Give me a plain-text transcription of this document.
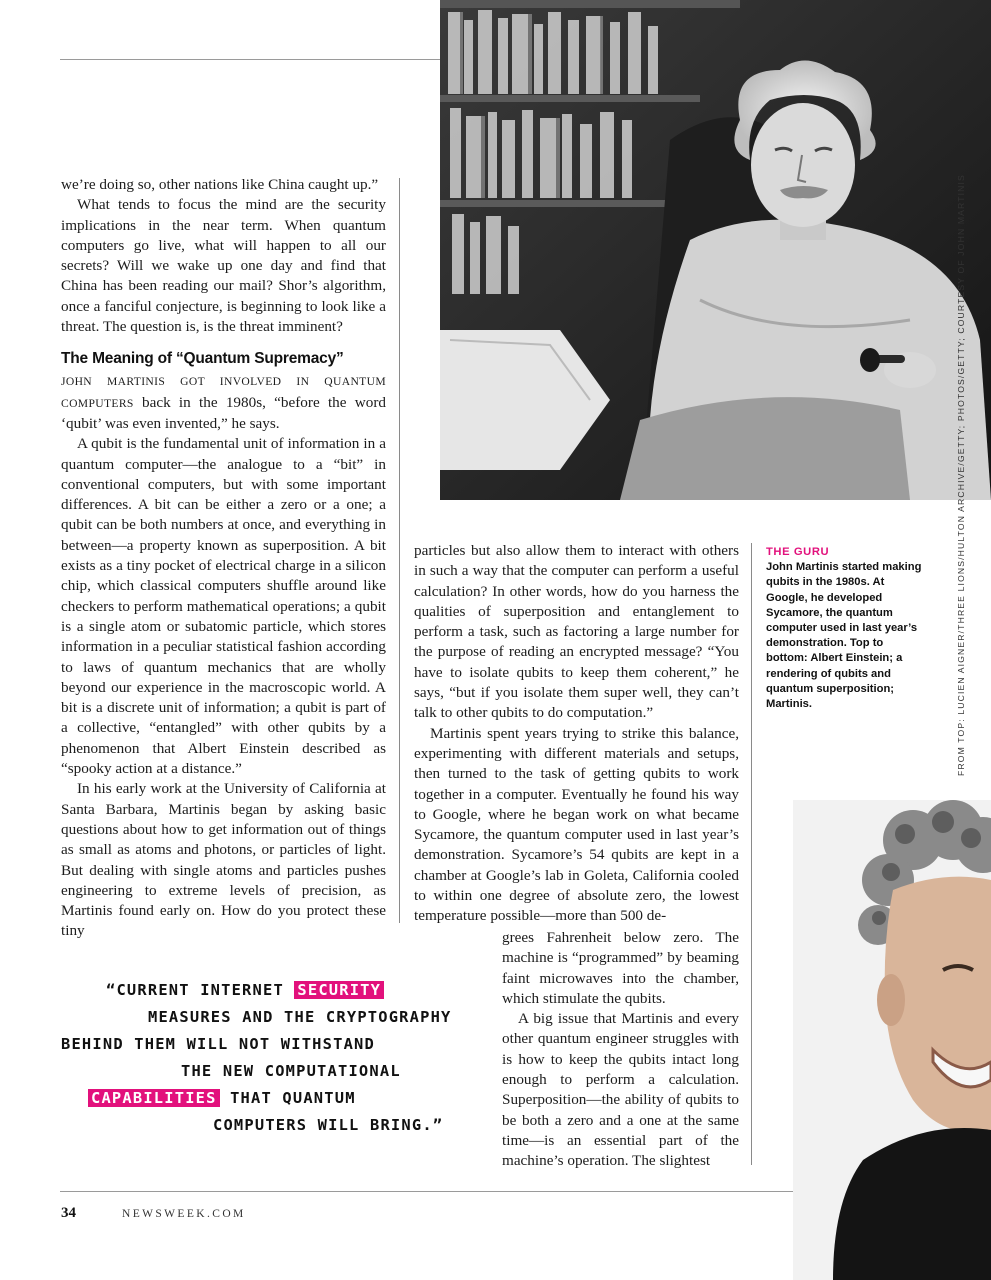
we’re doing so, other nations like China caught up.”

What tends to focus the mind are the security implications in the near term. When quantum computers go live, what will happen to all our secrets? Will we wake up one day and find that China has been reading our mail? Shor’s algorithm, once a fanciful conjecture, is beginning to look like a threat. The question is, is the threat imminent?

The Meaning of “Quantum Supremacy”

JOHN MARTINIS GOT INVOLVED IN QUANTUM COMPUTERS back in the 1980s, “before the word ‘qubit’ was even invented,” he says.

A qubit is the fundamental unit of information in a quantum computer—the analogue to a “bit” in conventional computers, but with some important differences. A bit can be either a zero or a one; a qubit can be both numbers at once, and everything in between—a property known as superposition. A bit exists as a tiny pocket of electrical charge in a silicon chip, which classical computers shuffle around like checkers to perform mathematical operations; a qubit is a single atom or subatomic particle, which stores information in a peculiar statistical fashion according to laws of quantum mechanics that are wholly beyond our experience in the macroscopic world. A bit is a discrete unit of information; a qubit is part of a collective, “entangled” with other qubits by a phenomenon that Albert Einstein described as “spooky action at a distance.”

In his early work at the University of California at Santa Barbara, Martinis began by asking basic questions about how to get information out of things as small as atoms and photons, or particles of light. But dealing with single atoms and particles pushes engineering to extreme levels of precision, as Martinis found early on. How do you protect these tiny

particles but also allow them to interact with others in such a way that the computer can perform a useful calculation? In other words, how do you harness the qualities of superposition and entanglement to perform a task, such as factoring a large number for the purpose of reading an encrypted message? “You have to isolate qubits to keep them coherent,” he says, “but if you isolate them super well, they can’t talk to other qubits to do computation.”

Martinis spent years trying to strike this balance, experimenting with different materials and setups, then turned to the task of getting qubits to work together in a computer. Eventually he found his way to Google, where he began work on what became Sycamore, the quantum computer used in last year’s demonstration. Sycamore’s 54 qubits are kept in a chamber at Google’s lab in Goleta, California cooled to within one degree of absolute zero, the lowest temperature possible—more than 500 de-

grees Fahrenheit below zero. The machine is “programmed” by beaming faint microwaves into the chamber, which stimulate the qubits.

A big issue that Martinis and every other quantum engineer struggles with is how to keep the qubits intact long enough to perform a calculation. Superposition—the ability of qubits to be both a zero and a one at the same time—is an essential part of the machine’s operation. The slightest

THE GURU
John Martinis started making qubits in the 1980s. At Google, he developed Sycamore, the quantum computer used in last year’s demonstration. Top to bottom: Albert Einstein; a rendering of qubits and quantum superposition; Martinis.	FROM TOP: LUCIEN AIGNER/THREE LIONS/HULTON ARCHIVE/GETTY; PHOTOS/GETTY; COURTESY OF JOHN MARTINIS
“CURRENT INTERNET SECURITY
MEASURES AND THE CRYPTOGRAPHY
BEHIND THEM WILL NOT WITHSTAND
THE NEW COMPUTATIONAL
CAPABILITIES THAT QUANTUM
COMPUTERS WILL BRING.”
34	NEWSWEEK.COM
